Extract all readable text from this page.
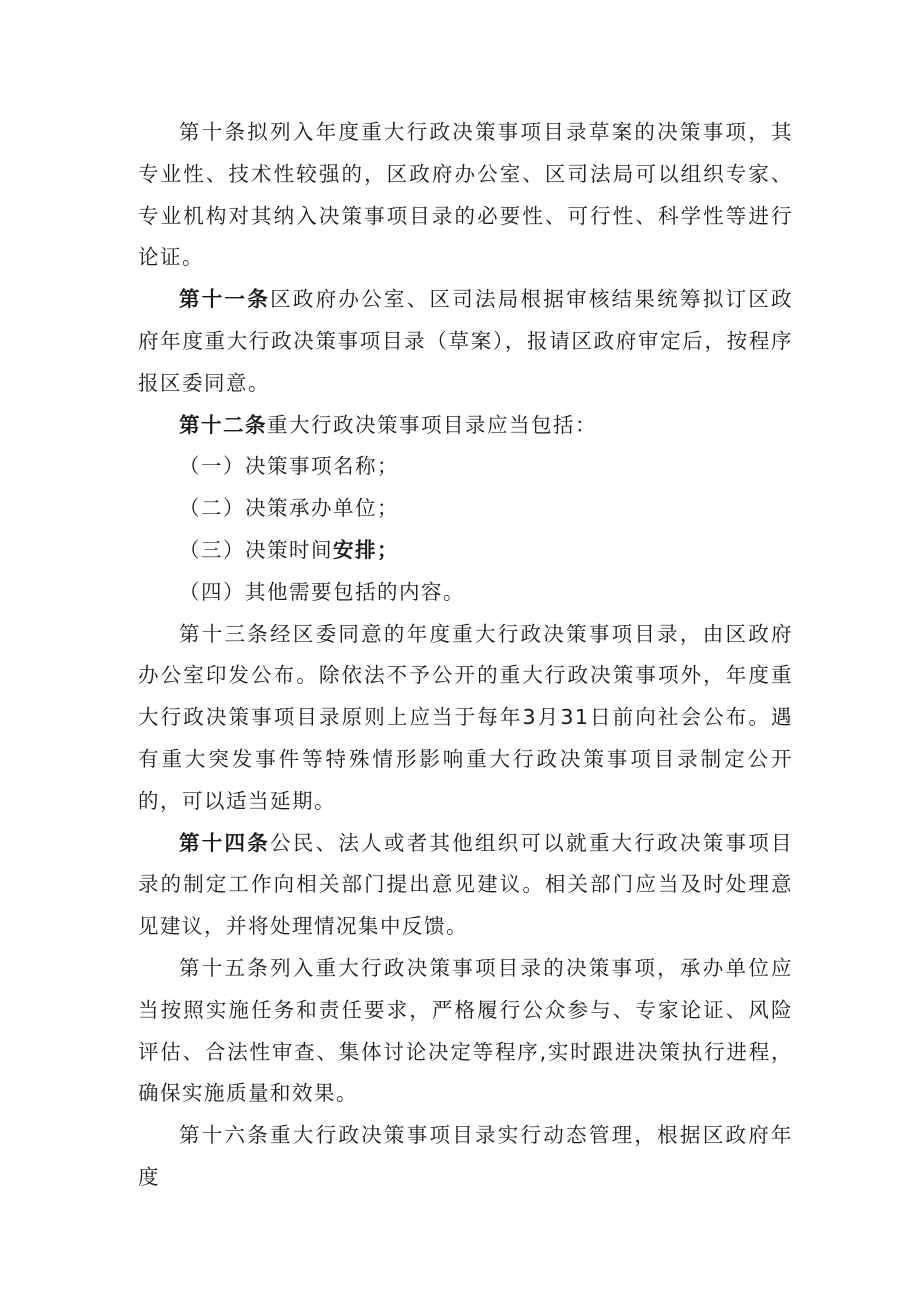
第十条拟列入年度重大行政决策事项目录草案的决策事项，其专业性、技术性较强的，区政府办公室、区司法局可以组织专家、专业机构对其纳入决策事项目录的必要性、可行性、科学性等进行论证。

第十一条区政府办公室、区司法局根据审核结果统筹拟订区政府年度重大行政决策事项目录（草案），报请区政府审定后，按程序报区委同意。

第十二条重大行政决策事项目录应当包括：

（一）决策事项名称；

（二）决策承办单位；

（三）决策时间安排；

（四）其他需要包括的内容。

第十三条经区委同意的年度重大行政决策事项目录，由区政府办公室印发公布。除依法不予公开的重大行政决策事项外，年度重大行政决策事项目录原则上应当于每年3月31日前向社会公布。遇有重大突发事件等特殊情形影响重大行政决策事项目录制定公开的，可以适当延期。

第十四条公民、法人或者其他组织可以就重大行政决策事项目录的制定工作向相关部门提出意见建议。相关部门应当及时处理意见建议，并将处理情况集中反馈。

第十五条列入重大行政决策事项目录的决策事项，承办单位应当按照实施任务和责任要求，严格履行公众参与、专家论证、风险评估、合法性审查、集体讨论决定等程序,实时跟进决策执行进程，确保实施质量和效果。

第十六条重大行政决策事项目录实行动态管理，根据区政府年度
